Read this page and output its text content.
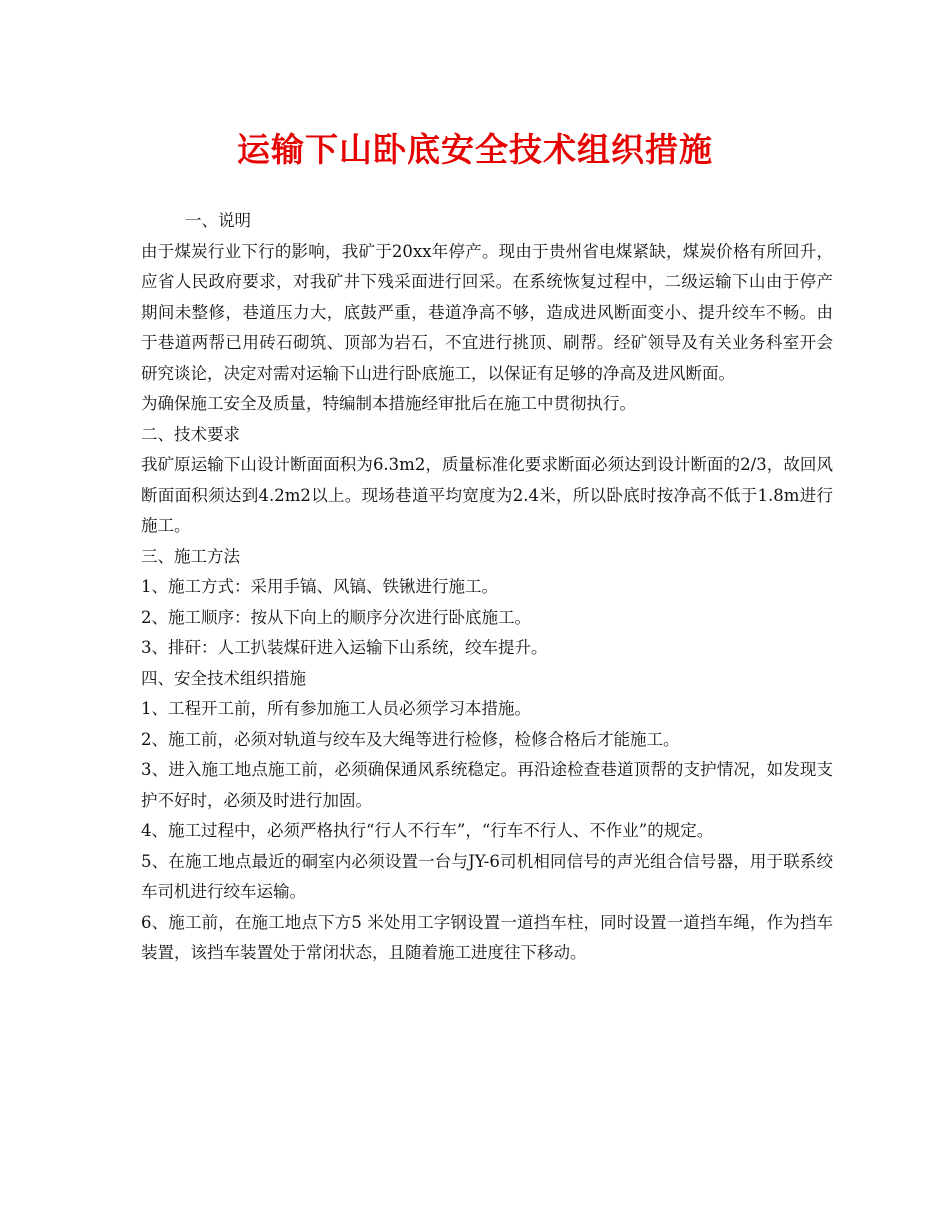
运输下山卧底安全技术组织措施

一、说明

由于煤炭行业下行的影响，我矿于20xx年停产。现由于贵州省电煤紧缺，煤炭价格有所回升，应省人民政府要求，对我矿井下残采面进行回采。在系统恢复过程中，二级运输下山由于停产期间未整修，巷道压力大，底鼓严重，巷道净高不够，造成进风断面变小、提升绞车不畅。由于巷道两帮已用砖石砌筑、顶部为岩石，不宜进行挑顶、刷帮。经矿领导及有关业务科室开会研究谈论，决定对需对运输下山进行卧底施工，以保证有足够的净高及进风断面。

为确保施工安全及质量，特编制本措施经审批后在施工中贯彻执行。

二、技术要求

我矿原运输下山设计断面面积为6.3m2，质量标准化要求断面必须达到设计断面的2/3，故回风断面面积须达到4.2m2以上。现场巷道平均宽度为2.4米，所以卧底时按净高不低于1.8m进行施工。

三、施工方法

1、施工方式：采用手镐、风镐、铁锹进行施工。

2、施工顺序：按从下向上的顺序分次进行卧底施工。

3、排矸：人工扒装煤矸进入运输下山系统，绞车提升。

四、安全技术组织措施

1、工程开工前，所有参加施工人员必须学习本措施。

2、施工前，必须对轨道与绞车及大绳等进行检修，检修合格后才能施工。

3、进入施工地点施工前，必须确保通风系统稳定。再沿途检查巷道顶帮的支护情况，如发现支护不好时，必须及时进行加固。

4、施工过程中，必须严格执行“行人不行车”，“行车不行人、不作业”的规定。

5、在施工地点最近的硐室内必须设置一台与JY-6司机相同信号的声光组合信号器，用于联系绞车司机进行绞车运输。

6、施工前，在施工地点下方5 米处用工字钢设置一道挡车柱，同时设置一道挡车绳，作为挡车装置，该挡车装置处于常闭状态，且随着施工进度往下移动。
